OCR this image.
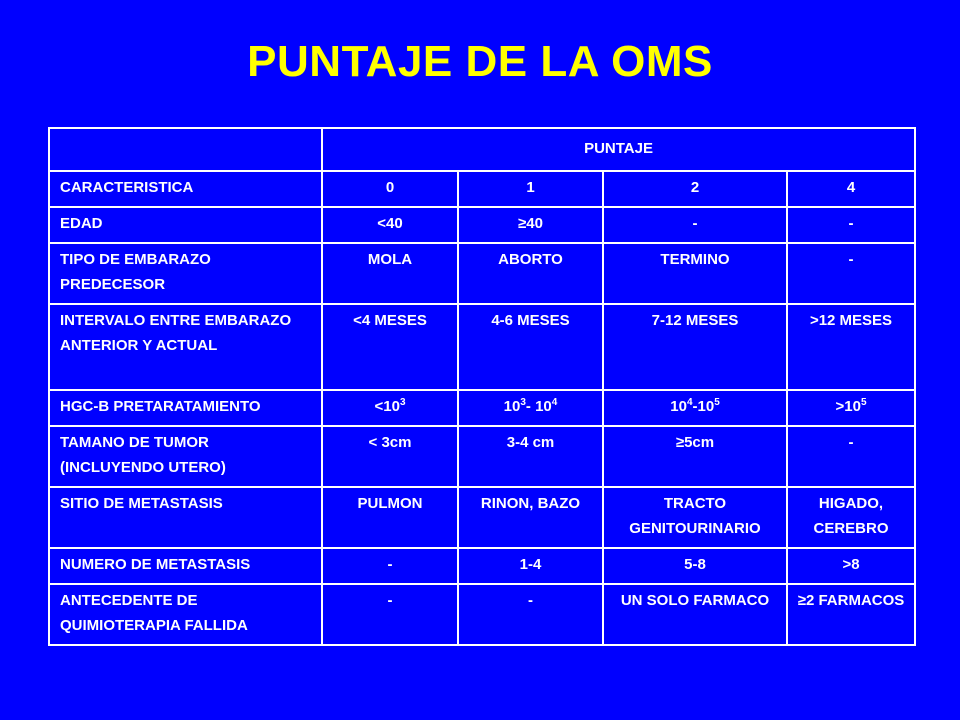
PUNTAJE DE LA OMS
	PUNTAJE			
CARACTERISTICA	0	1	2	4
EDAD	<40	≥40	-	-
TIPO DE EMBARAZO PREDECESOR	MOLA	ABORTO	TERMINO	-
INTERVALO ENTRE EMBARAZO ANTERIOR Y ACTUAL	<4 MESES	4-6 MESES	7-12 MESES	>12 MESES
HGC-B PRETARATAMIENTO	$<10^3$	$10^3-$ $10^4$	$10^4-10^5$	$>10^5$
TAMANO DE TUMOR (INCLUYENDO UTERO)	< 3cm	3-4 cm	≥5cm	-
SITIO DE METASTASIS	PULMON	RINON, BAZO	TRACTO GENITOURINARIO	HIGADO, CEREBRO
NUMERO DE METASTASIS	-	1-4	5-8	>8
ANTECEDENTE DE QUIMIOTERAPIA FALLIDA	-	-	UN SOLO FARMACO	≥2 FARMACOS
